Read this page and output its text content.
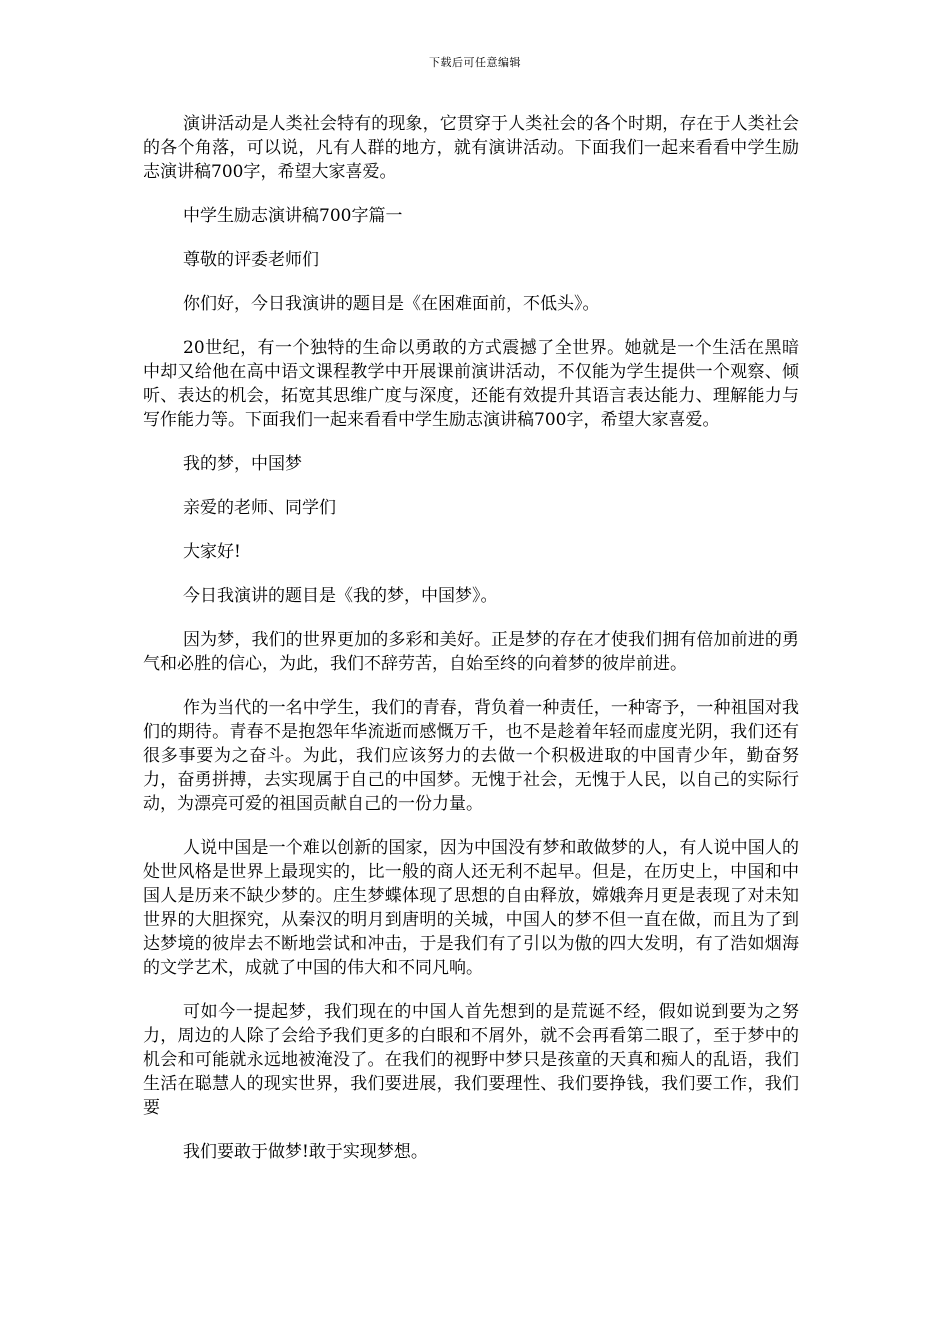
下载后可任意编辑

演讲活动是人类社会特有的现象，它贯穿于人类社会的各个时期，存在于人类社会的各个角落，可以说，凡有人群的地方，就有演讲活动。下面我们一起来看看中学生励志演讲稿700字，希望大家喜爱。

中学生励志演讲稿700字篇一

尊敬的评委老师们

你们好，今日我演讲的题目是《在困难面前，不低头》。

20世纪，有一个独特的生命以勇敢的方式震撼了全世界。她就是一个生活在黑暗中却又给他在高中语文课程教学中开展课前演讲活动，不仅能为学生提供一个观察、倾听、表达的机会，拓宽其思维广度与深度，还能有效提升其语言表达能力、理解能力与写作能力等。下面我们一起来看看中学生励志演讲稿700字，希望大家喜爱。

我的梦，中国梦

亲爱的老师、同学们

大家好!

今日我演讲的题目是《我的梦，中国梦》。

因为梦，我们的世界更加的多彩和美好。正是梦的存在才使我们拥有倍加前进的勇气和必胜的信心，为此，我们不辞劳苦，自始至终的向着梦的彼岸前进。

作为当代的一名中学生，我们的青春，背负着一种责任，一种寄予，一种祖国对我们的期待。青春不是抱怨年华流逝而感慨万千，也不是趁着年轻而虚度光阴，我们还有很多事要为之奋斗。为此，我们应该努力的去做一个积极进取的中国青少年，勤奋努力，奋勇拼搏，去实现属于自己的中国梦。无愧于社会，无愧于人民，以自己的实际行动，为漂亮可爱的祖国贡献自己的一份力量。

人说中国是一个难以创新的国家，因为中国没有梦和敢做梦的人，有人说中国人的处世风格是世界上最现实的，比一般的商人还无利不起早。但是，在历史上，中国和中国人是历来不缺少梦的。庄生梦蝶体现了思想的自由释放，嫦娥奔月更是表现了对未知世界的大胆探究，从秦汉的明月到唐明的关城，中国人的梦不但一直在做，而且为了到达梦境的彼岸去不断地尝试和冲击，于是我们有了引以为傲的四大发明，有了浩如烟海的文学艺术，成就了中国的伟大和不同凡响。

可如今一提起梦，我们现在的中国人首先想到的是荒诞不经，假如说到要为之努力，周边的人除了会给予我们更多的白眼和不屑外，就不会再看第二眼了，至于梦中的机会和可能就永远地被淹没了。在我们的视野中梦只是孩童的天真和痴人的乱语，我们生活在聪慧人的现实世界，我们要进展，我们要理性、我们要挣钱，我们要工作，我们要

我们要敢于做梦!敢于实现梦想。
